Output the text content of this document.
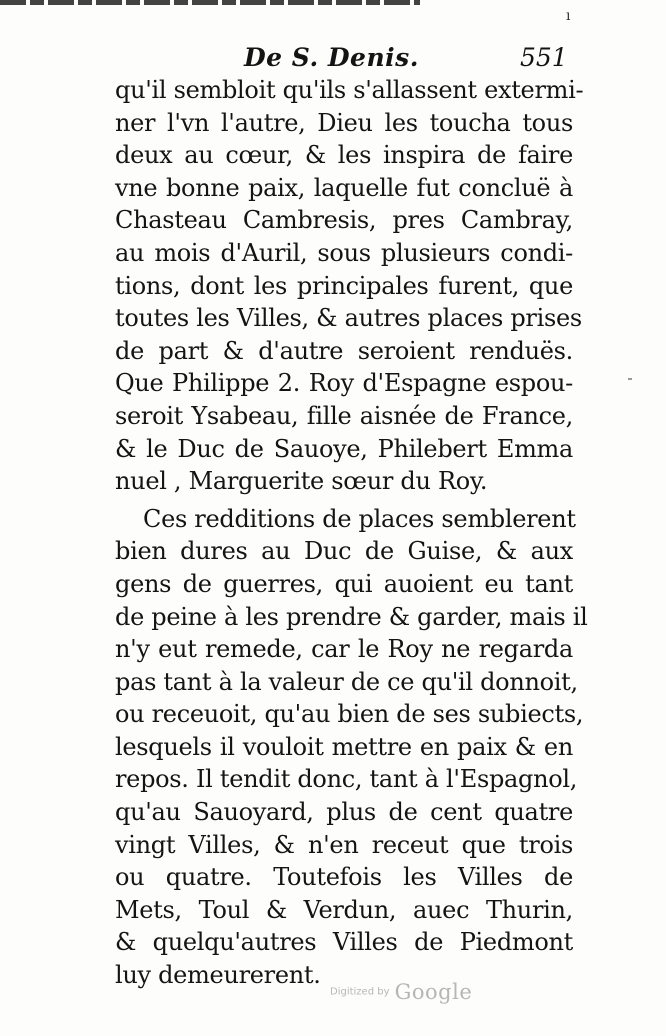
ı
De S. Denis.	551
qu'il sembloit qu'ils s'allassent extermi-
ner l'vn l'autre, Dieu les toucha tous
deux au cœur, & les inspira de faire
vne bonne paix, laquelle fut concluë à
Chasteau Cambresis, pres Cambray,
au mois d'Auril, sous plusieurs condi-
tions, dont les principales furent, que
toutes les Villes, & autres places prises
de part & d'autre seroient renduës.
Que Philippe 2. Roy d'Espagne espou-
seroit Ysabeau, fille aisnée de France,
& le Duc de Sauoye, Philebert Emma
nuel , Marguerite sœur du Roy.
Ces redditions de places semblerent
bien dures au Duc de Guise, & aux
gens de guerres, qui auoient eu tant
de peine à les prendre & garder, mais il
n'y eut remede, car le Roy ne regarda
pas tant à la valeur de ce qu'il donnoit,
ou receuoit, qu'au bien de ses subiects,
lesquels il vouloit mettre en paix & en
repos. Il tendit donc, tant à l'Espagnol,
qu'au Sauoyard, plus de cent quatre
vingt Villes, & n'en receut que trois
ou quatre. Toutefois les Villes de
Mets, Toul & Verdun, auec Thurin,
& quelqu'autres Villes de Piedmont
luy demeurerent.
Digitized by Google
